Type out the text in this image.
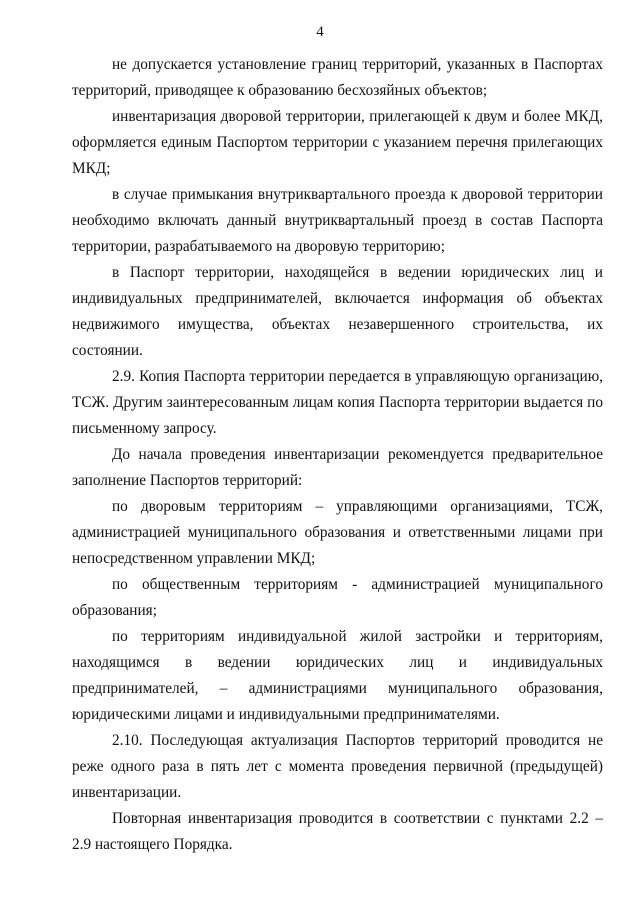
4

не допускается установление границ территорий, указанных в Паспортах территорий, приводящее к образованию бесхозяйных объектов;

инвентаризация дворовой территории, прилегающей к двум и более МКД, оформляется единым Паспортом территории с указанием перечня прилегающих МКД;

в случае примыкания внутриквартального проезда к дворовой территории необходимо включать данный внутриквартальный проезд в состав Паспорта территории, разрабатываемого на дворовую территорию;

в Паспорт территории, находящейся в ведении юридических лиц и индивидуальных предпринимателей, включается информация об объектах недвижимого имущества, объектах незавершенного строительства, их состоянии.

2.9. Копия Паспорта территории передается в управляющую организацию, ТСЖ. Другим заинтересованным лицам копия Паспорта территории выдается по письменному запросу.

До начала проведения инвентаризации рекомендуется предварительное заполнение Паспортов территорий:

по дворовым территориям – управляющими организациями, ТСЖ, администрацией муниципального образования и ответственными лицами при непосредственном управлении МКД;

по общественным территориям - администрацией муниципального образования;

по территориям индивидуальной жилой застройки и территориям, находящимся в ведении юридических лиц и индивидуальных предпринимателей, – администрациями муниципального образования, юридическими лицами и индивидуальными предпринимателями.

2.10. Последующая актуализация Паспортов территорий проводится не реже одного раза в пять лет с момента проведения первичной (предыдущей) инвентаризации.

Повторная инвентаризация проводится в соответствии с пунктами 2.2 – 2.9 настоящего Порядка.
